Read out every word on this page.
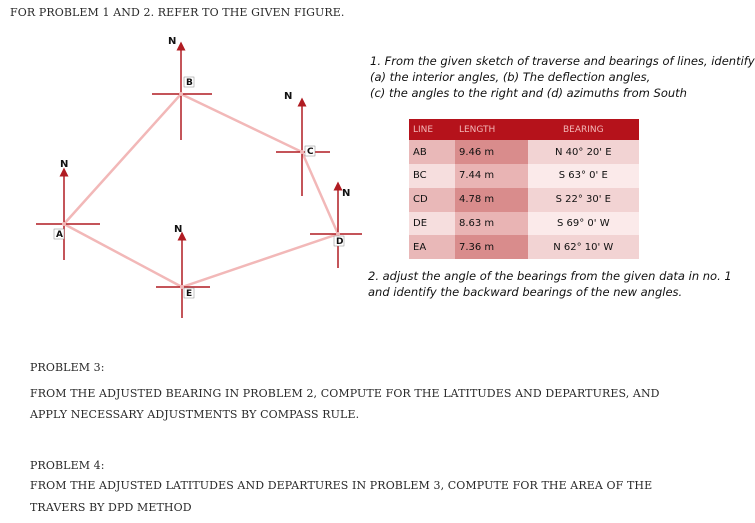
FOR PROBLEM 1 AND 2. REFER TO THE GIVEN FIGURE.
N
N
N
N
N
A
B
C
D
E
1. From the given sketch of traverse and bearings of lines, identify
(a) the interior angles, (b) The deflection angles,
(c) the angles to the right and (d) azimuths from South
LINE	LENGTH	BEARING
AB	9.46 m	N 40° 20' E
BC	7.44 m	S 63° 0' E
CD	4.78 m	S 22° 30' E
DE	8.63 m	S 69° 0' W
EA	7.36 m	N 62° 10' W
2. adjust the angle of the bearings from the given data in no. 1
and identify the backward bearings of the new angles.
PROBLEM 3:
FROM THE ADJUSTED BEARING IN PROBLEM 2, COMPUTE FOR THE LATITUDES AND DEPARTURES, AND
APPLY NECESSARY ADJUSTMENTS BY COMPASS RULE.
PROBLEM 4:
FROM THE ADJUSTED LATITUDES AND DEPARTURES IN PROBLEM 3, COMPUTE FOR THE AREA OF THE
TRAVERS BY DPD METHOD
